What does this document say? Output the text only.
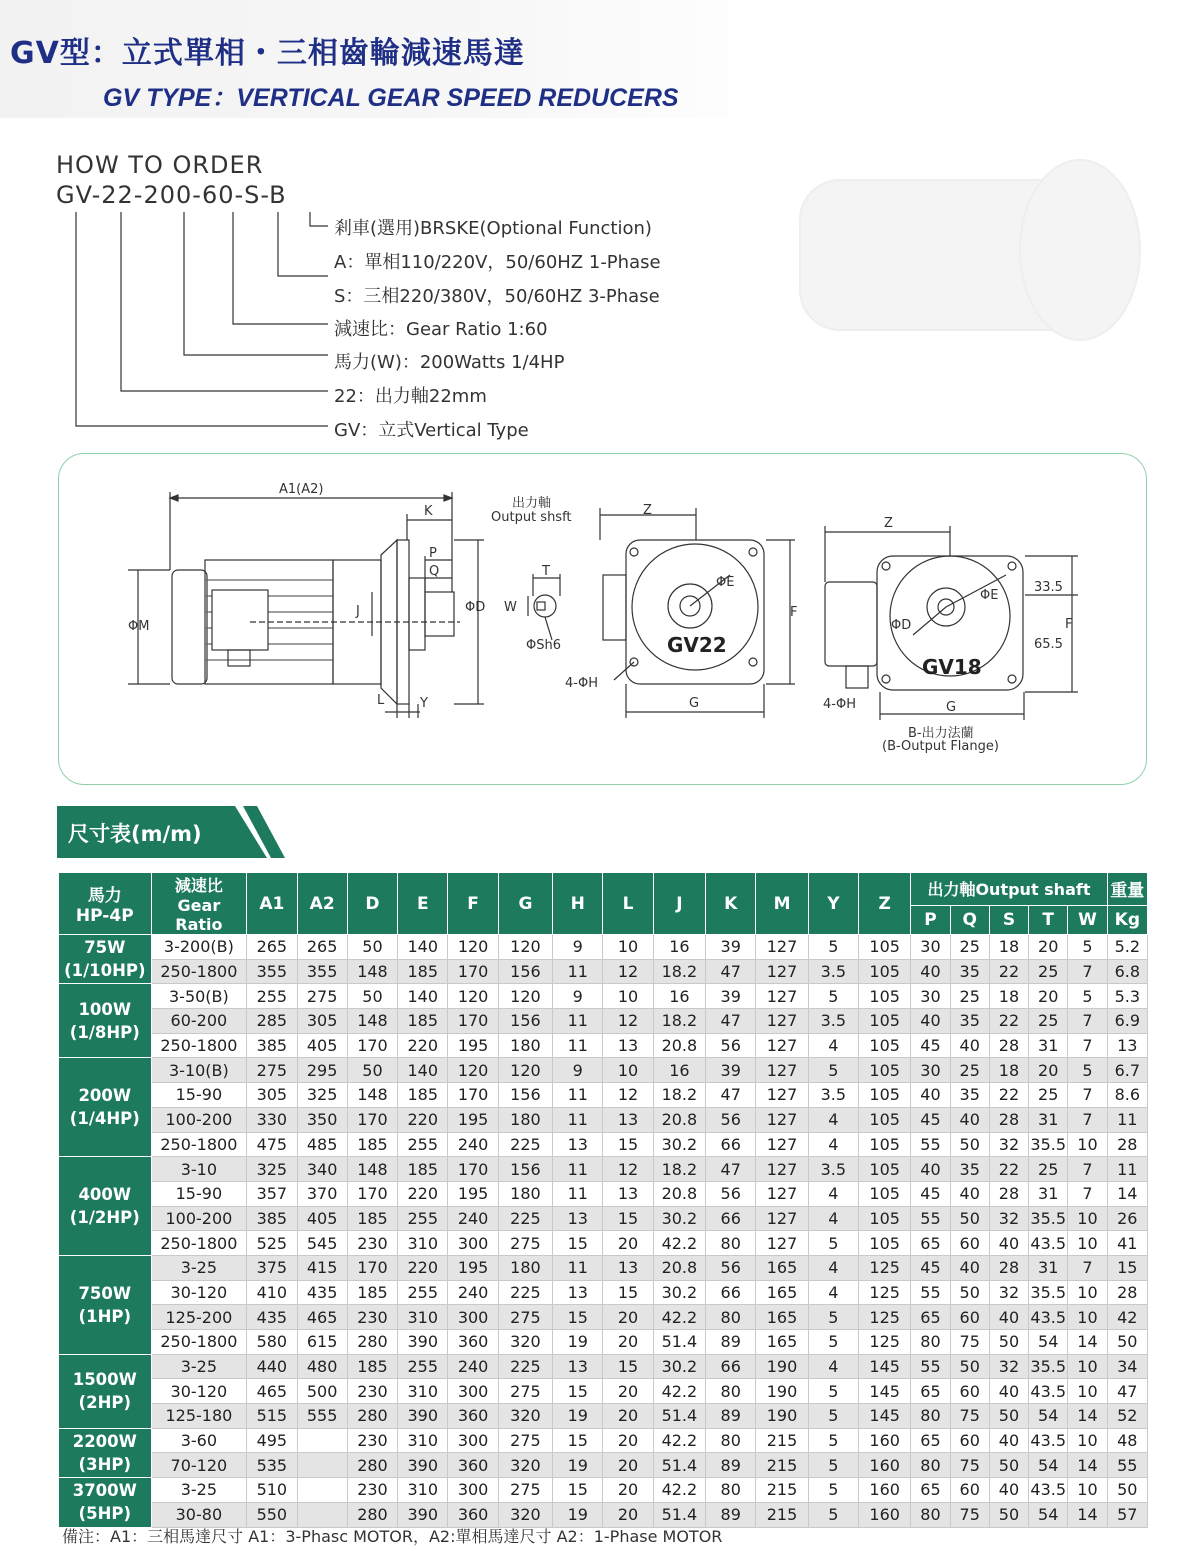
GV型：立式單相・三相齒輪減速馬達
GV TYPE：VERTICAL GEAR SPEED REDUCERS
HOW TO ORDER
GV-22-200-60-S-B
剎車(選用)BRSKE(Optional Function)
A：單相110/220V，50/60HZ 1-Phase
S：三相220/380V，50/60HZ 3-Phase
減速比：Gear Ratio 1:60
馬力(W)：200Watts 1/4HP
22：出力軸22mm
GV：立式Vertical Type
A1(A2)
K
P
Q
J	ΦD
ΦM
L	Y
出力軸
Output shsft
T
W
ΦSh6
Z
ΦE
F
GV22
4-ΦH
G
Z
ΦE
ΦD
33.5
65.5
F
GV18
4-ΦH	G
B-出力法蘭
(B-Output Flange)
尺寸表(m/m)
馬力
HP-4P	減速比
Gear Ratio	A1	A2	D	E	F	G	H	L	J	K	M	Y	Z	出力軸Output shaft					重量
															P	Q	S	T	W	Kg
75W
(1/10HP)	3-200(B)	265	265	50	140	120	120	9	10	16	39	127	5	105	30	25	18	20	5	5.2
	250-1800	355	355	148	185	170	156	11	12	18.2	47	127	3.5	105	40	35	22	25	7	6.8
100W
(1/8HP)	3-50(B)	255	275	50	140	120	120	9	10	16	39	127	5	105	30	25	18	20	5	5.3
	60-200	285	305	148	185	170	156	11	12	18.2	47	127	3.5	105	40	35	22	25	7	6.9
	250-1800	385	405	170	220	195	180	11	13	20.8	56	127	4	105	45	40	28	31	7	13
200W
(1/4HP)	3-10(B)	275	295	50	140	120	120	9	10	16	39	127	5	105	30	25	18	20	5	6.7
	15-90	305	325	148	185	170	156	11	12	18.2	47	127	3.5	105	40	35	22	25	7	8.6
	100-200	330	350	170	220	195	180	11	13	20.8	56	127	4	105	45	40	28	31	7	11
	250-1800	475	485	185	255	240	225	13	15	30.2	66	127	4	105	55	50	32	35.5	10	28
400W
(1/2HP)	3-10	325	340	148	185	170	156	11	12	18.2	47	127	3.5	105	40	35	22	25	7	11
	15-90	357	370	170	220	195	180	11	13	20.8	56	127	4	105	45	40	28	31	7	14
	100-200	385	405	185	255	240	225	13	15	30.2	66	127	4	105	55	50	32	35.5	10	26
	250-1800	525	545	230	310	300	275	15	20	42.2	80	127	5	105	65	60	40	43.5	10	41
750W
(1HP)	3-25	375	415	170	220	195	180	11	13	20.8	56	165	4	125	45	40	28	31	7	15
	30-120	410	435	185	255	240	225	13	15	30.2	66	165	4	125	55	50	32	35.5	10	28
	125-200	435	465	230	310	300	275	15	20	42.2	80	165	5	125	65	60	40	43.5	10	42
	250-1800	580	615	280	390	360	320	19	20	51.4	89	165	5	125	80	75	50	54	14	50
1500W
(2HP)	3-25	440	480	185	255	240	225	13	15	30.2	66	190	4	145	55	50	32	35.5	10	34
	30-120	465	500	230	310	300	275	15	20	42.2	80	190	5	145	65	60	40	43.5	10	47
	125-180	515	555	280	390	360	320	19	20	51.4	89	190	5	145	80	75	50	54	14	52
2200W
(3HP)	3-60	495		230	310	300	275	15	20	42.2	80	215	5	160	65	60	40	43.5	10	48
	70-120	535		280	390	360	320	19	20	51.4	89	215	5	160	80	75	50	54	14	55
3700W
(5HP)	3-25	510		230	310	300	275	15	20	42.2	80	215	5	160	65	60	40	43.5	10	50
	30-80	550		280	390	360	320	19	20	51.4	89	215	5	160	80	75	50	54	14	57
備注：A1：三相馬達尺寸 A1：3-Phasc MOTOR，A2:單相馬達尺寸 A2：1-Phase MOTOR
